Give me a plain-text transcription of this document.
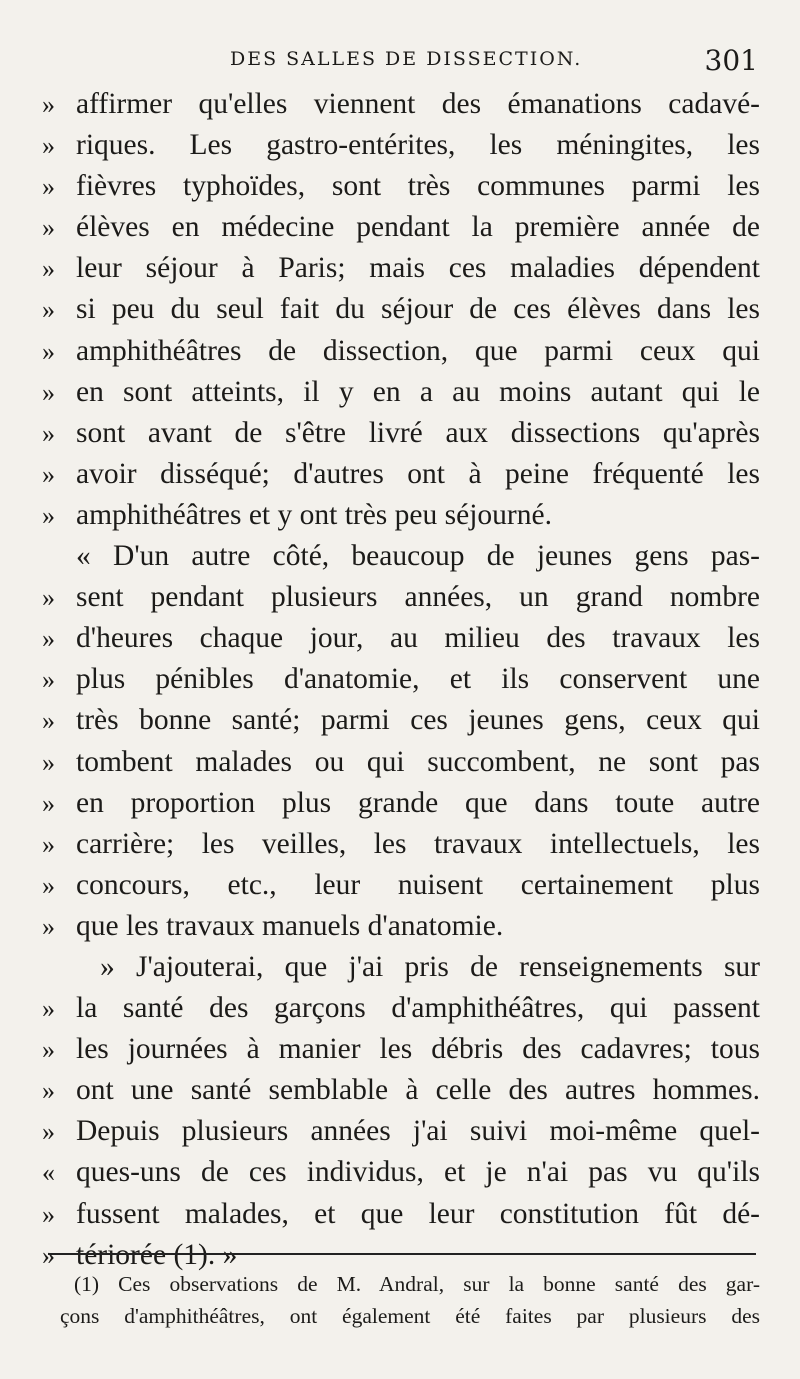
DES SALLES DE DISSECTION.	301
» affirmer qu'elles viennent des émanations cadavé-
» riques. Les gastro-entérites, les méningites, les
» fièvres typhoïdes, sont très communes parmi les
» élèves en médecine pendant la première année de
» leur séjour à Paris; mais ces maladies dépendent
» si peu du seul fait du séjour de ces élèves dans les
» amphithéâtres de dissection, que parmi ceux qui
» en sont atteints, il y en a au moins autant qui le
» sont avant de s'être livré aux dissections qu'après
» avoir disséqué; d'autres ont à peine fréquenté les
» amphithéâtres et y ont très peu séjourné.
« D'un autre côté, beaucoup de jeunes gens pas-
» sent pendant plusieurs années, un grand nombre
» d'heures chaque jour, au milieu des travaux les
» plus pénibles d'anatomie, et ils conservent une
» très bonne santé; parmi ces jeunes gens, ceux qui
» tombent malades ou qui succombent, ne sont pas
» en proportion plus grande que dans toute autre
» carrière; les veilles, les travaux intellectuels, les
» concours, etc., leur nuisent certainement plus
» que les travaux manuels d'anatomie.
» J'ajouterai, que j'ai pris de renseignements sur
» la santé des garçons d'amphithéâtres, qui passent
» les journées à manier les débris des cadavres; tous
» ont une santé semblable à celle des autres hommes.
» Depuis plusieurs années j'ai suivi moi-même quel-
« ques-uns de ces individus, et je n'ai pas vu qu'ils
» fussent malades, et que leur constitution fût dé-
» tériorée (1). »
(1) Ces observations de M. Andral, sur la bonne santé des gar-
çons d'amphithéâtres, ont également été faites par plusieurs des
